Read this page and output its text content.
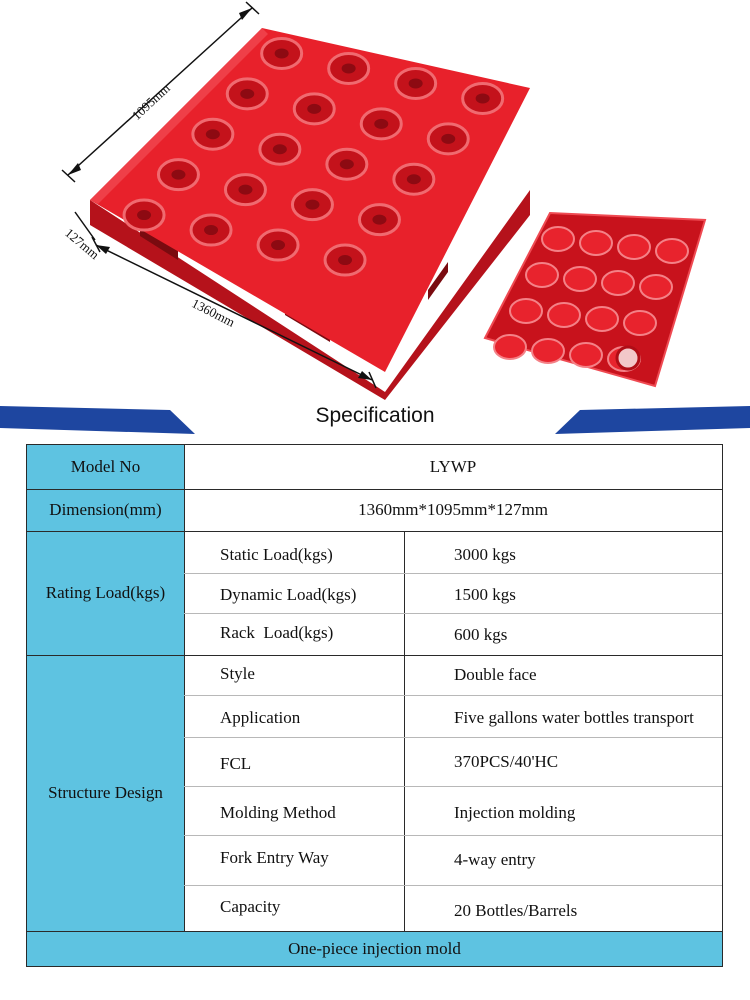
1095mm
127mm
1360mm
Specification
Model No	LYWP
Dimension(mm)	1360mm*1095mm*127mm
Rating Load(kgs)
Static Load(kgs)	3000 kgs
Dynamic Load(kgs)	1500 kgs
Rack  Load(kgs)	600 kgs
Structure Design
Style	Double face
Application	Five gallons water bottles transport
FCL	370PCS/40'HC
Molding Method	Injection molding
Fork Entry Way	4-way entry
Capacity	20 Bottles/Barrels
One-piece injection mold
